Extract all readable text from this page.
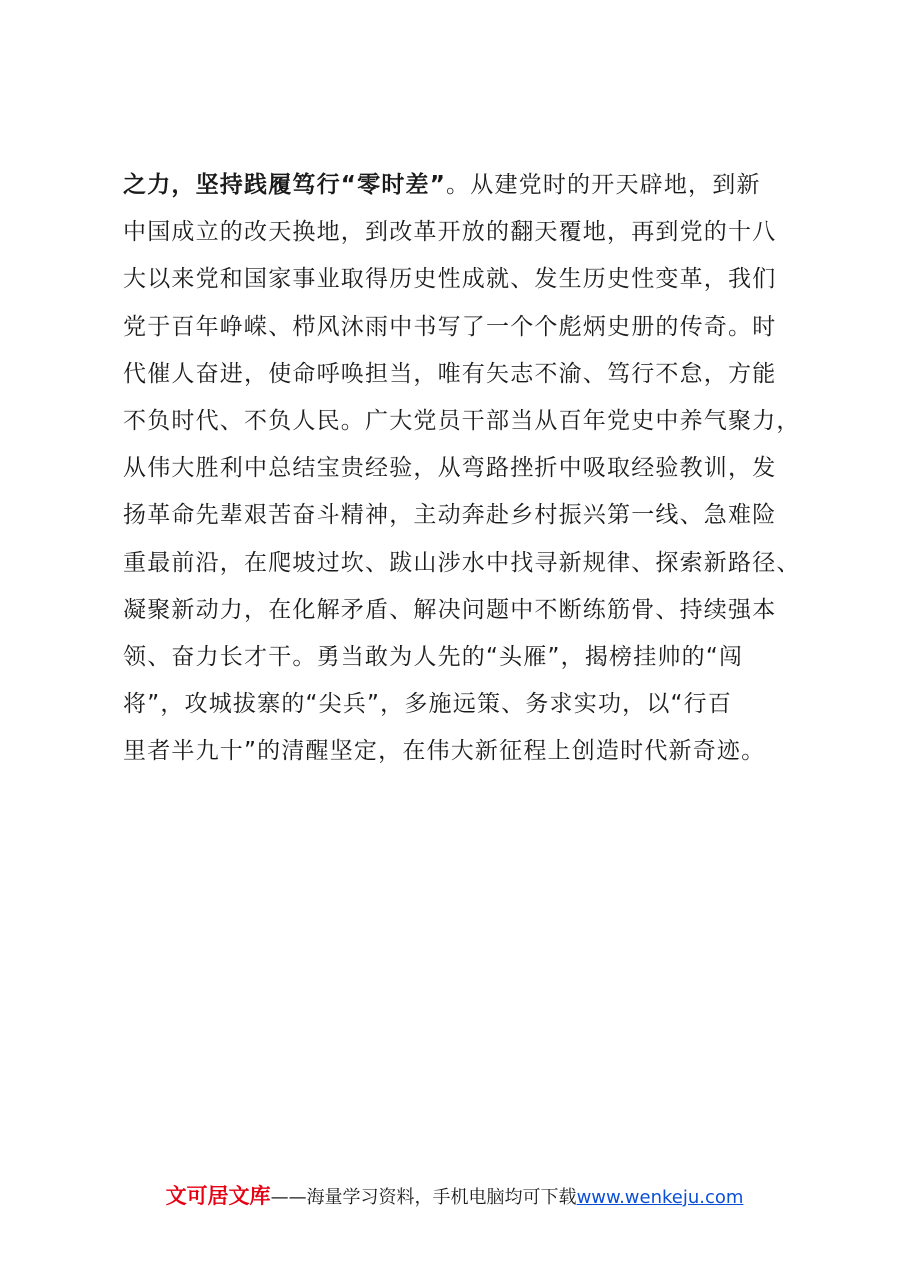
之力，坚持践履笃行“零时差”。从建党时的开天辟地，到新
中国成立的改天换地，到改革开放的翻天覆地，再到党的十八
大以来党和国家事业取得历史性成就、发生历史性变革，我们
党于百年峥嵘、栉风沐雨中书写了一个个彪炳史册的传奇。时
代催人奋进，使命呼唤担当，唯有矢志不渝、笃行不怠，方能
不负时代、不负人民。广大党员干部当从百年党史中养气聚力，
从伟大胜利中总结宝贵经验，从弯路挫折中吸取经验教训，发
扬革命先辈艰苦奋斗精神，主动奔赴乡村振兴第一线、急难险
重最前沿，在爬坡过坎、跋山涉水中找寻新规律、探索新路径、
凝聚新动力，在化解矛盾、解决问题中不断练筋骨、持续强本
领、奋力长才干。勇当敢为人先的“头雁”，揭榜挂帅的“闯
将”，攻城拔寨的“尖兵”，多施远策、务求实功，以“行百
里者半九十”的清醒坚定，在伟大新征程上创造时代新奇迹。
文可居文库——海量学习资料，手机电脑均可下载www.wenkeju.com
